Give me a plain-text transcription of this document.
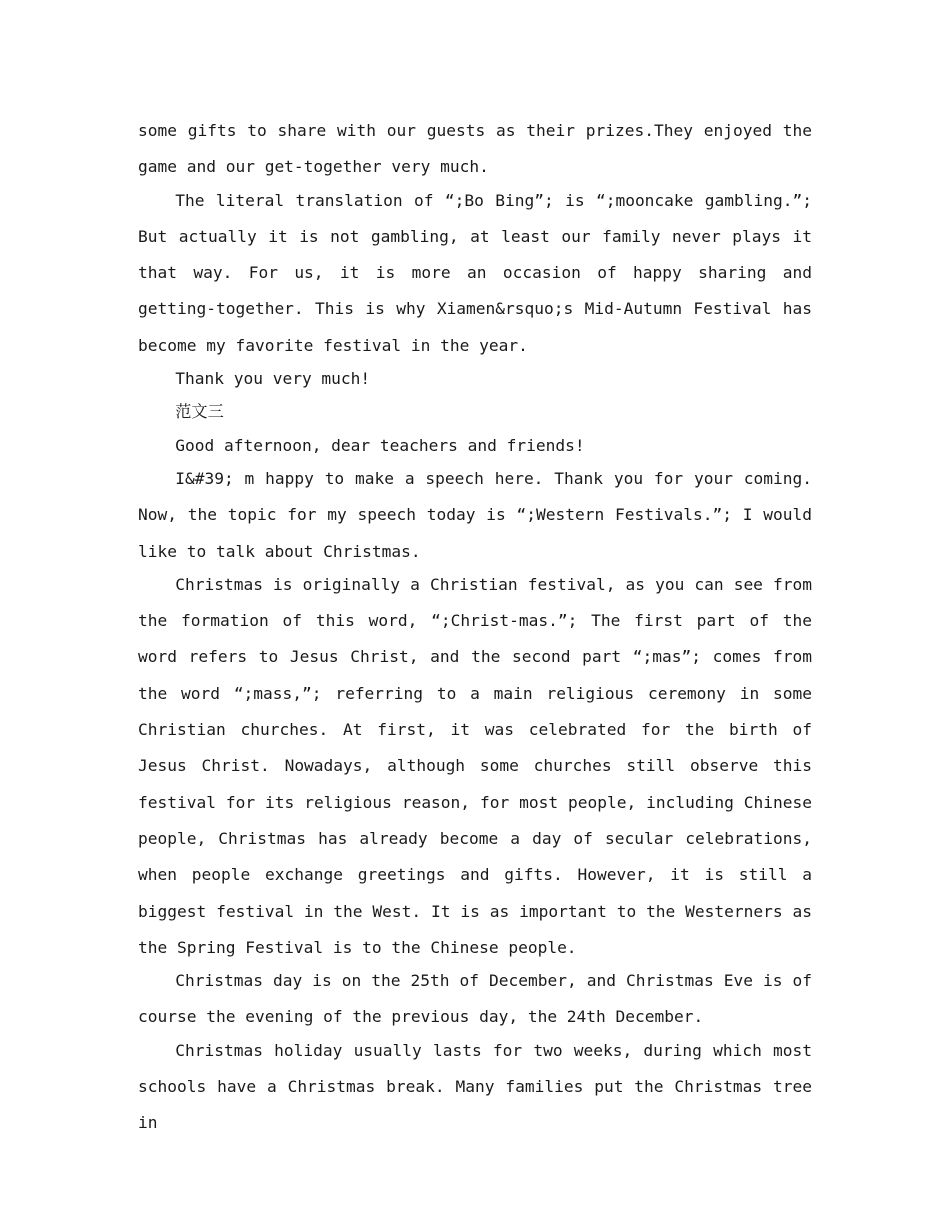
some gifts to share with our guests as their prizes.They enjoyed the game and our get-together very much.

The literal translation of “;Bo Bing”; is “;mooncake gambling.”; But actually it is not gambling, at least our family never plays it that way. For us, it is more an occasion of happy sharing and getting-together. This is why Xiamen&rsquo;s Mid-Autumn Festival has become my favorite festival in the year.

Thank you very much!

范文三

Good afternoon, dear teachers and friends!

I&#39; m happy to make a speech here. Thank you for your coming. Now, the topic for my speech today is “;Western Festivals.”; I would like to talk about Christmas.

Christmas is originally a Christian festival, as you can see from the formation of this word, “;Christ-mas.”; The first part of the word refers to Jesus Christ, and the second part “;mas”; comes from the word “;mass,”; referring to a main religious ceremony in some Christian churches. At first, it was celebrated for the birth of Jesus Christ. Nowadays, although some churches still observe this festival for its religious reason, for most people, including Chinese people, Christmas has already become a day of secular celebrations, when people exchange greetings and gifts. However, it is still a biggest festival in the West. It is as important to the Westerners as the Spring Festival is to the Chinese people.

Christmas day is on the 25th of December, and Christmas Eve is of course the evening of the previous day, the 24th December.

Christmas holiday usually lasts for two weeks, during which most schools have a Christmas break. Many families put the Christmas tree in
